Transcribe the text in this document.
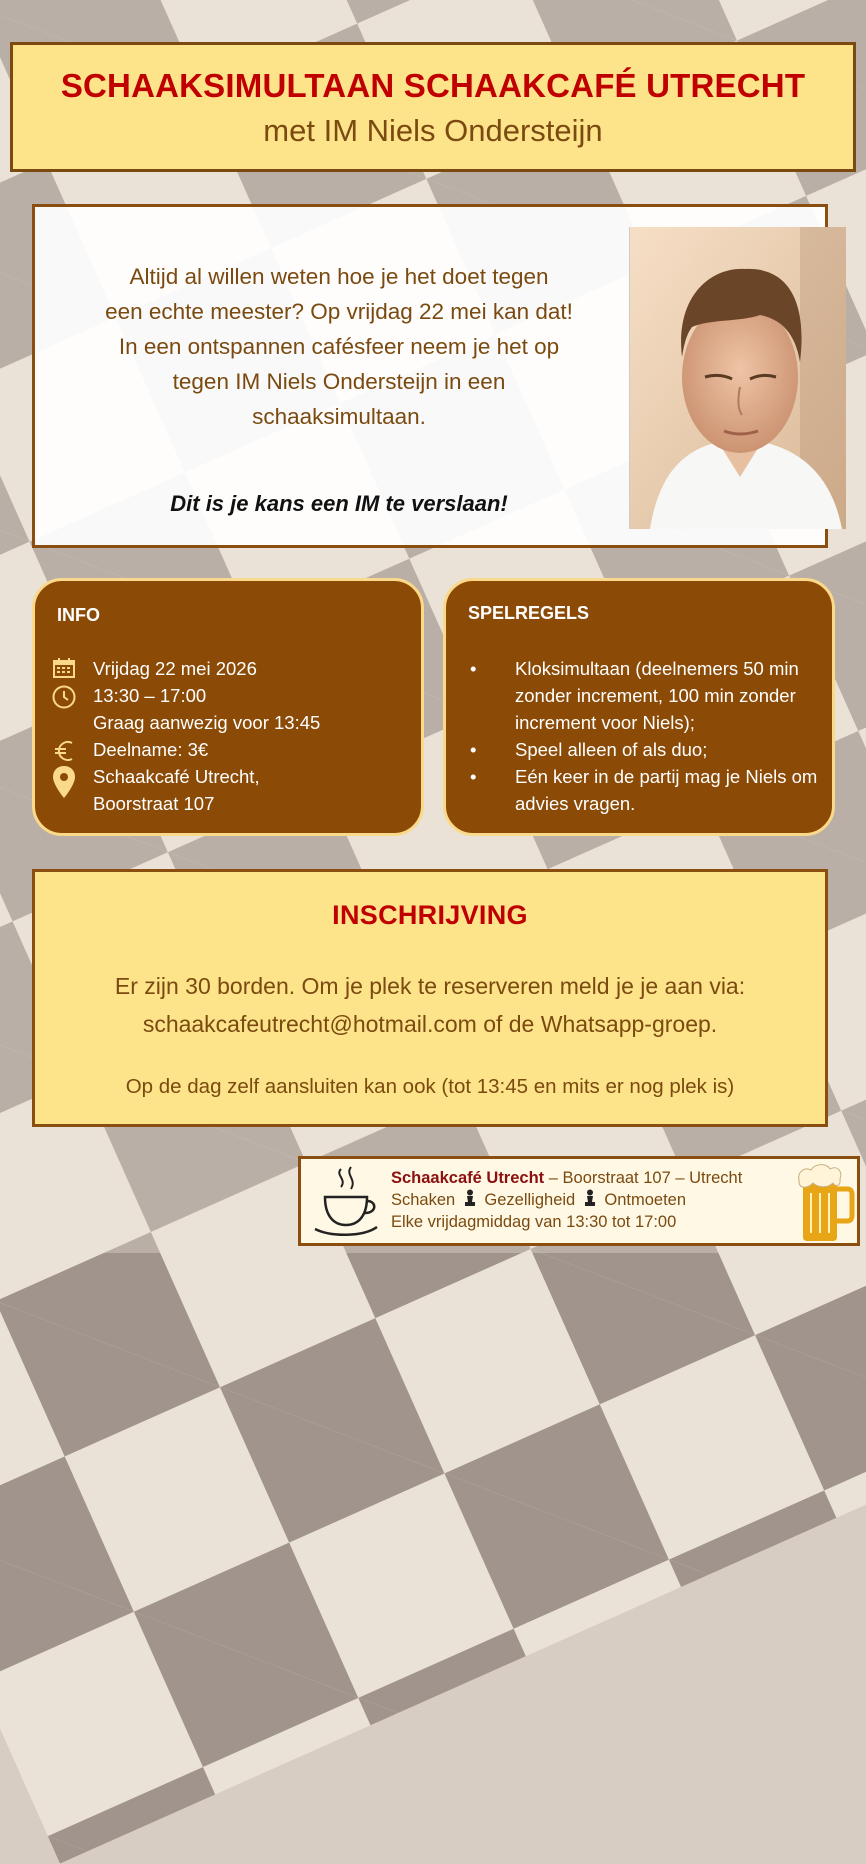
SCHAAKSIMULTAAN SCHAAKCAFÉ UTRECHT
met IM Niels Ondersteijn
Altijd al willen weten hoe je het doet tegen
een echte meester? Op vrijdag 22 mei kan dat!
In een ontspannen cafésfeer neem je het op
tegen IM Niels Ondersteijn in een
schaaksimultaan.
Dit is je kans een IM te verslaan!
INFO
Vrijdag 22 mei 2026
13:30 – 17:00
Graag aanwezig voor 13:45
Deelname: 3€
Schaakcafé Utrecht,
Boorstraat 107
SPELREGELS
•	Kloksimultaan (deelnemers 50 min zonder increment, 100 min zonder increment voor Niels);
•	Speel alleen of als duo;
•	Eén keer in de partij mag je Niels om advies vragen.
INSCHRIJVING
Er zijn 30 borden. Om je plek te reserveren meld je je aan via:
schaakcafeutrecht@hotmail.com of de Whatsapp-groep.
Op de dag zelf aansluiten kan ook (tot 13:45 en mits er nog plek is)
Schaakcafé Utrecht – Boorstraat 107 – Utrecht
Schaken Gezelligheid Ontmoeten
Elke vrijdagmiddag van 13:30 tot 17:00
